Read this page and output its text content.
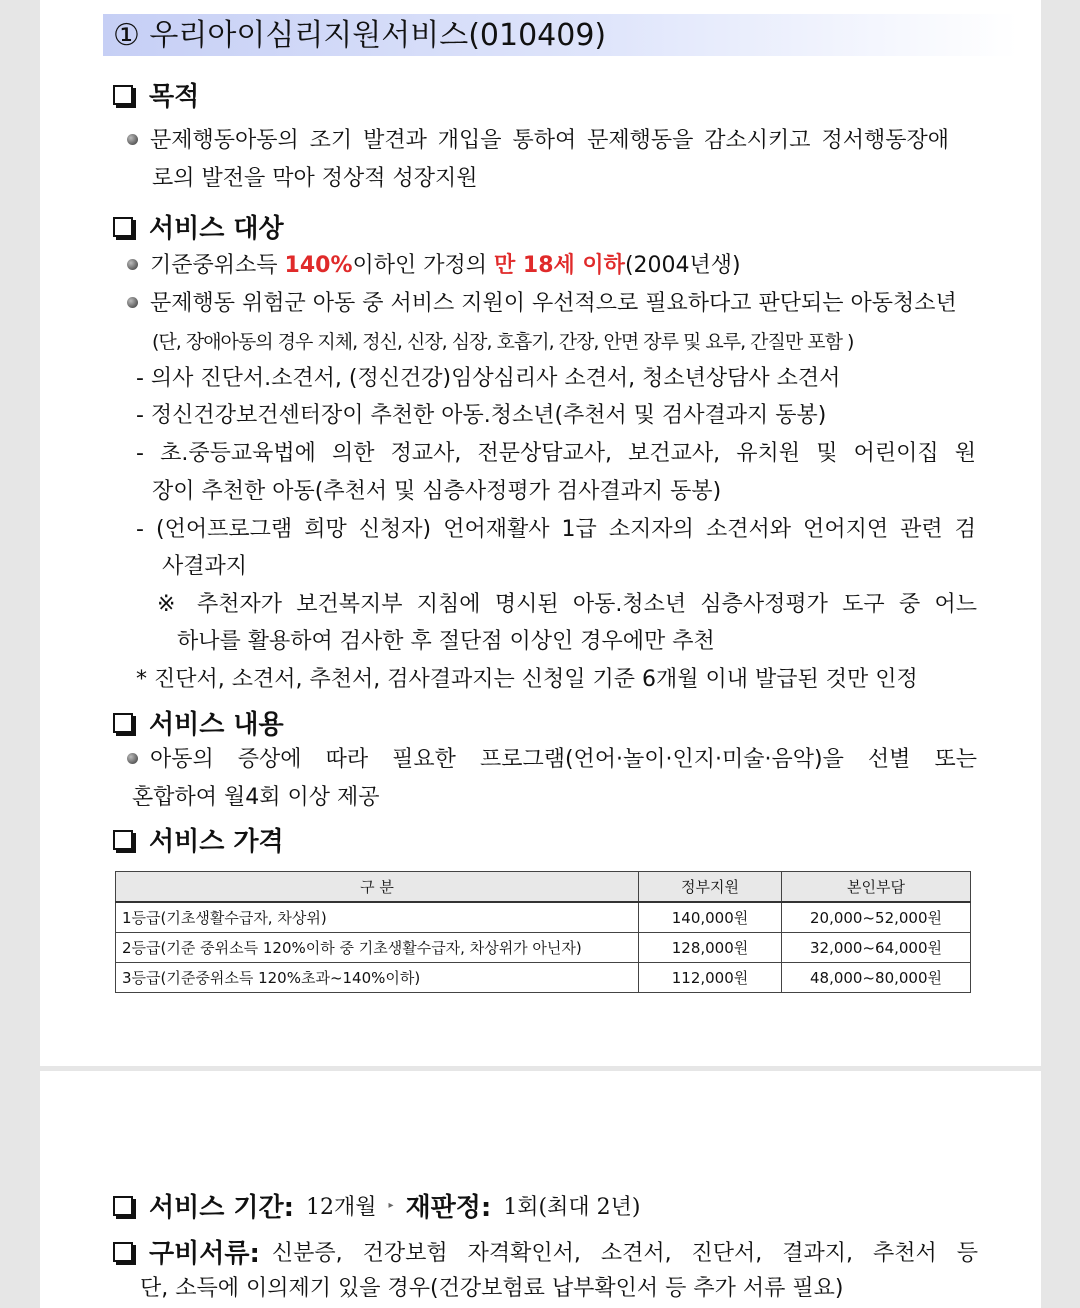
① 우리아이심리지원서비스(010409)
목적
문제행동아동의 조기 발견과 개입을 통하여 문제행동을 감소시키고 정서행동장애
로의 발전을 막아 정상적 성장지원
서비스 대상
기준중위소득 140%이하인 가정의 만 18세 이하(2004년생)
문제행동 위험군 아동 중 서비스 지원이 우선적으로 필요하다고 판단되는 아동청소년
(단, 장애아동의 경우 지체, 정신, 신장, 심장, 호흡기, 간장, 안면 장루 및 요루, 간질만 포함 )
- 의사 진단서.소견서, (정신건강)임상심리사 소견서, 청소년상담사 소견서
- 정신건강보건센터장이 추천한 아동.청소년(추천서 및 검사결과지 동봉)
- 초.중등교육법에 의한 정교사, 전문상담교사, 보건교사, 유치원 및 어린이집 원
장이 추천한 아동(추천서 및 심층사정평가 검사결과지 동봉)
- (언어프로그램 희망 신청자) 언어재활사 1급 소지자의 소견서와 언어지연 관련 검
사결과지
※ 추천자가 보건복지부 지침에 명시된 아동.청소년 심층사정평가 도구 중 어느
하나를 활용하여 검사한 후 절단점 이상인 경우에만 추천
* 진단서, 소견서, 추천서, 검사결과지는 신청일 기준 6개월 이내 발급된 것만 인정
서비스 내용
아동의 증상에 따라 필요한 프로그램(언어·놀이·인지·미술·음악)을 선별 또는
혼합하여 월4회 이상 제공
서비스 가격
구 분	정부지원	본인부담
1등급(기초생활수급자, 차상위)	140,000원	20,000~52,000원
2등급(기준 중위소득 120%이하 중 기초생활수급자, 차상위가 아닌자)	128,000원	32,000~64,000원
3등급(기준중위소득 120%초과~140%이하)	112,000원	48,000~80,000원
서비스 기간: 12개월 ▸ 재판정: 1회(최대 2년)
구비서류: 신분증, 건강보험 자격확인서, 소견서, 진단서, 결과지, 추천서 등
단, 소득에 이의제기 있을 경우(건강보험료 납부확인서 등 추가 서류 필요)
